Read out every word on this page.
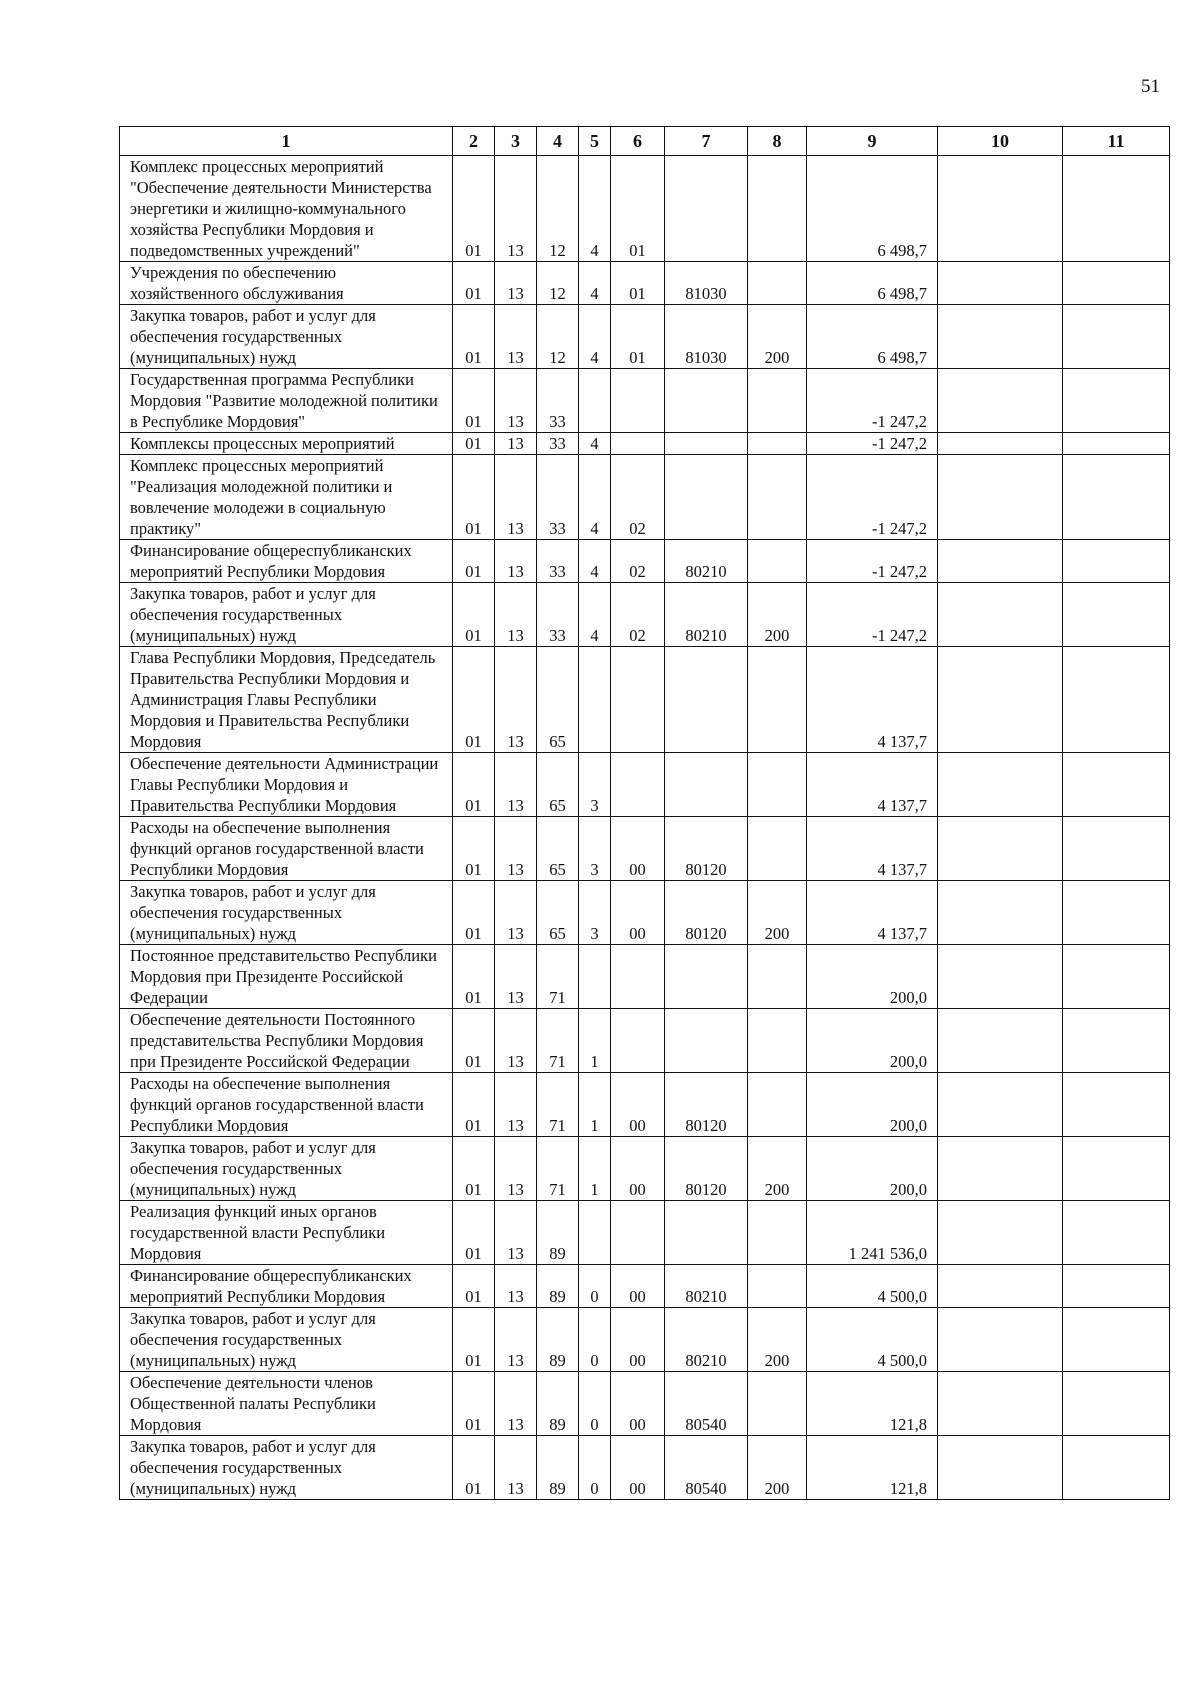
51
1	2	3	4	5	6	7	8	9	10	11
Комплекс процессных мероприятий "Обеспечение деятельности Министерства энергетики и жилищно-коммунального хозяйства Республики Мордовия и подведомственных учреждений"	01	13	12	4	01			6 498,7		
Учреждения по обеспечению хозяйственного обслуживания	01	13	12	4	01	81030		6 498,7		
Закупка товаров, работ и услуг для обеспечения государственных (муниципальных) нужд	01	13	12	4	01	81030	200	6 498,7		
Государственная программа Республики Мордовия "Развитие молодежной политики в Республике Мордовия"	01	13	33					-1 247,2		
Комплексы процессных мероприятий	01	13	33	4				-1 247,2		
Комплекс процессных мероприятий "Реализация молодежной политики и вовлечение молодежи в социальную практику"	01	13	33	4	02			-1 247,2		
Финансирование общереспубликанских мероприятий Республики Мордовия	01	13	33	4	02	80210		-1 247,2		
Закупка товаров, работ и услуг для обеспечения государственных (муниципальных) нужд	01	13	33	4	02	80210	200	-1 247,2		
Глава Республики Мордовия, Председатель Правительства Республики Мордовия и Администрация Главы Республики Мордовия и Правительства Республики Мордовия	01	13	65					4 137,7		
Обеспечение деятельности Администрации Главы Республики Мордовия и Правительства Республики Мордовия	01	13	65	3				4 137,7		
Расходы на обеспечение выполнения функций органов государственной власти Республики Мордовия	01	13	65	3	00	80120		4 137,7		
Закупка товаров, работ и услуг для обеспечения государственных (муниципальных) нужд	01	13	65	3	00	80120	200	4 137,7		
Постоянное представительство Республики Мордовия при Президенте Российской Федерации	01	13	71					200,0		
Обеспечение деятельности Постоянного представительства Республики Мордовия при Президенте Российской Федерации	01	13	71	1				200,0		
Расходы на обеспечение выполнения функций органов государственной власти Республики Мордовия	01	13	71	1	00	80120		200,0		
Закупка товаров, работ и услуг для обеспечения государственных (муниципальных) нужд	01	13	71	1	00	80120	200	200,0		
Реализация функций иных органов государственной власти Республики Мордовия	01	13	89					1 241 536,0		
Финансирование общереспубликанских мероприятий Республики Мордовия	01	13	89	0	00	80210		4 500,0		
Закупка товаров, работ и услуг для обеспечения государственных (муниципальных) нужд	01	13	89	0	00	80210	200	4 500,0		
Обеспечение деятельности членов Общественной палаты Республики Мордовия	01	13	89	0	00	80540		121,8		
Закупка товаров, работ и услуг для обеспечения государственных (муниципальных) нужд	01	13	89	0	00	80540	200	121,8		
